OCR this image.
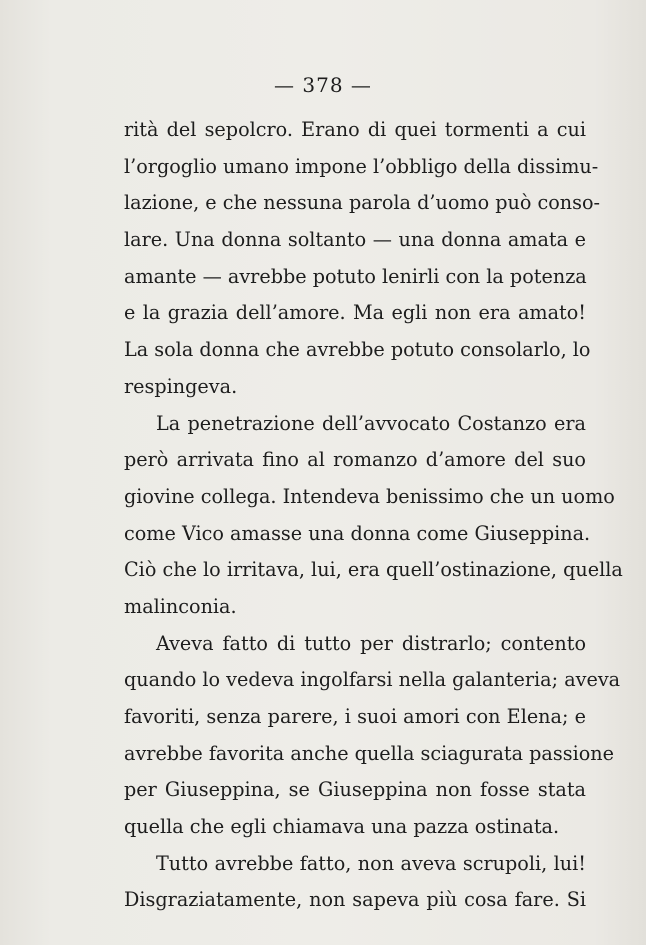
— 378 —
rità del sepolcro. Erano di quei tormenti a cui
l’orgoglio umano impone l’obbligo della dissimu-
lazione, e che nessuna parola d’uomo può conso-
lare. Una donna soltanto — una donna amata e
amante — avrebbe potuto lenirli con la potenza
e la grazia dell’amore. Ma egli non era amato!
La sola donna che avrebbe potuto consolarlo, lo
respingeva.
La penetrazione dell’avvocato Costanzo era
però arrivata fino al romanzo d’amore del suo
giovine collega. Intendeva benissimo che un uomo
come Vico amasse una donna come Giuseppina.
Ciò che lo irritava, lui, era quell’ostinazione, quella
malinconia.
Aveva fatto di tutto per distrarlo; contento
quando lo vedeva ingolfarsi nella galanteria; aveva
favoriti, senza parere, i suoi amori con Elena; e
avrebbe favorita anche quella sciagurata passione
per Giuseppina, se Giuseppina non fosse stata
quella che egli chiamava una pazza ostinata.
Tutto avrebbe fatto, non aveva scrupoli, lui!
Disgraziatamente, non sapeva più cosa fare. Si
